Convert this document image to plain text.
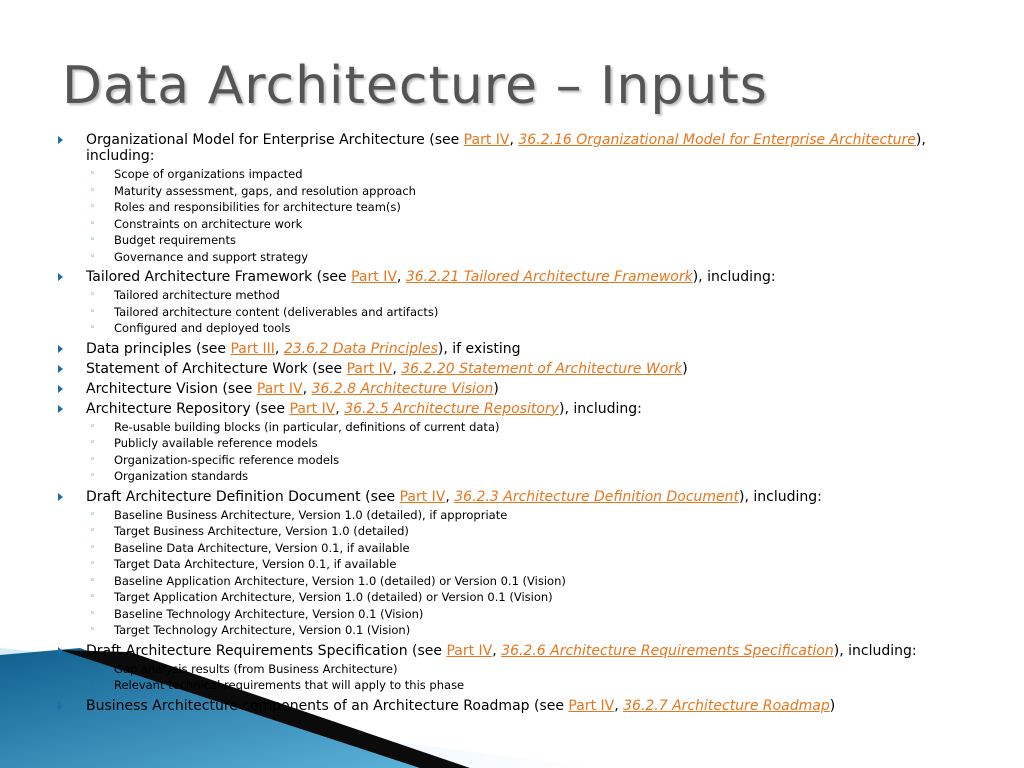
Data Architecture – Inputs
Organizational Model for Enterprise Architecture (see Part IV, 36.2.16 Organizational Model for Enterprise Architecture), including:
◦ Scope of organizations impacted
◦ Maturity assessment, gaps, and resolution approach
◦ Roles and responsibilities for architecture team(s)
◦ Constraints on architecture work
◦ Budget requirements
◦ Governance and support strategy
Tailored Architecture Framework (see Part IV, 36.2.21 Tailored Architecture Framework), including:
◦ Tailored architecture method
◦ Tailored architecture content (deliverables and artifacts)
◦ Configured and deployed tools
Data principles (see Part III, 23.6.2 Data Principles), if existing
Statement of Architecture Work (see Part IV, 36.2.20 Statement of Architecture Work)
Architecture Vision (see Part IV, 36.2.8 Architecture Vision)
Architecture Repository (see Part IV, 36.2.5 Architecture Repository), including:
◦ Re-usable building blocks (in particular, definitions of current data)
◦ Publicly available reference models
◦ Organization-specific reference models
◦ Organization standards
Draft Architecture Definition Document (see Part IV, 36.2.3 Architecture Definition Document), including:
◦ Baseline Business Architecture, Version 1.0 (detailed), if appropriate
◦ Target Business Architecture, Version 1.0 (detailed)
◦ Baseline Data Architecture, Version 0.1, if available
◦ Target Data Architecture, Version 0.1, if available
◦ Baseline Application Architecture, Version 1.0 (detailed) or Version 0.1 (Vision)
◦ Target Application Architecture, Version 1.0 (detailed) or Version 0.1 (Vision)
◦ Baseline Technology Architecture, Version 0.1 (Vision)
◦ Target Technology Architecture, Version 0.1 (Vision)
Draft Architecture Requirements Specification (see Part IV, 36.2.6 Architecture Requirements Specification), including:
◦ Gap analysis results (from Business Architecture)
◦ Relevant technical requirements that will apply to this phase
Business Architecture components of an Architecture Roadmap (see Part IV, 36.2.7 Architecture Roadmap)
